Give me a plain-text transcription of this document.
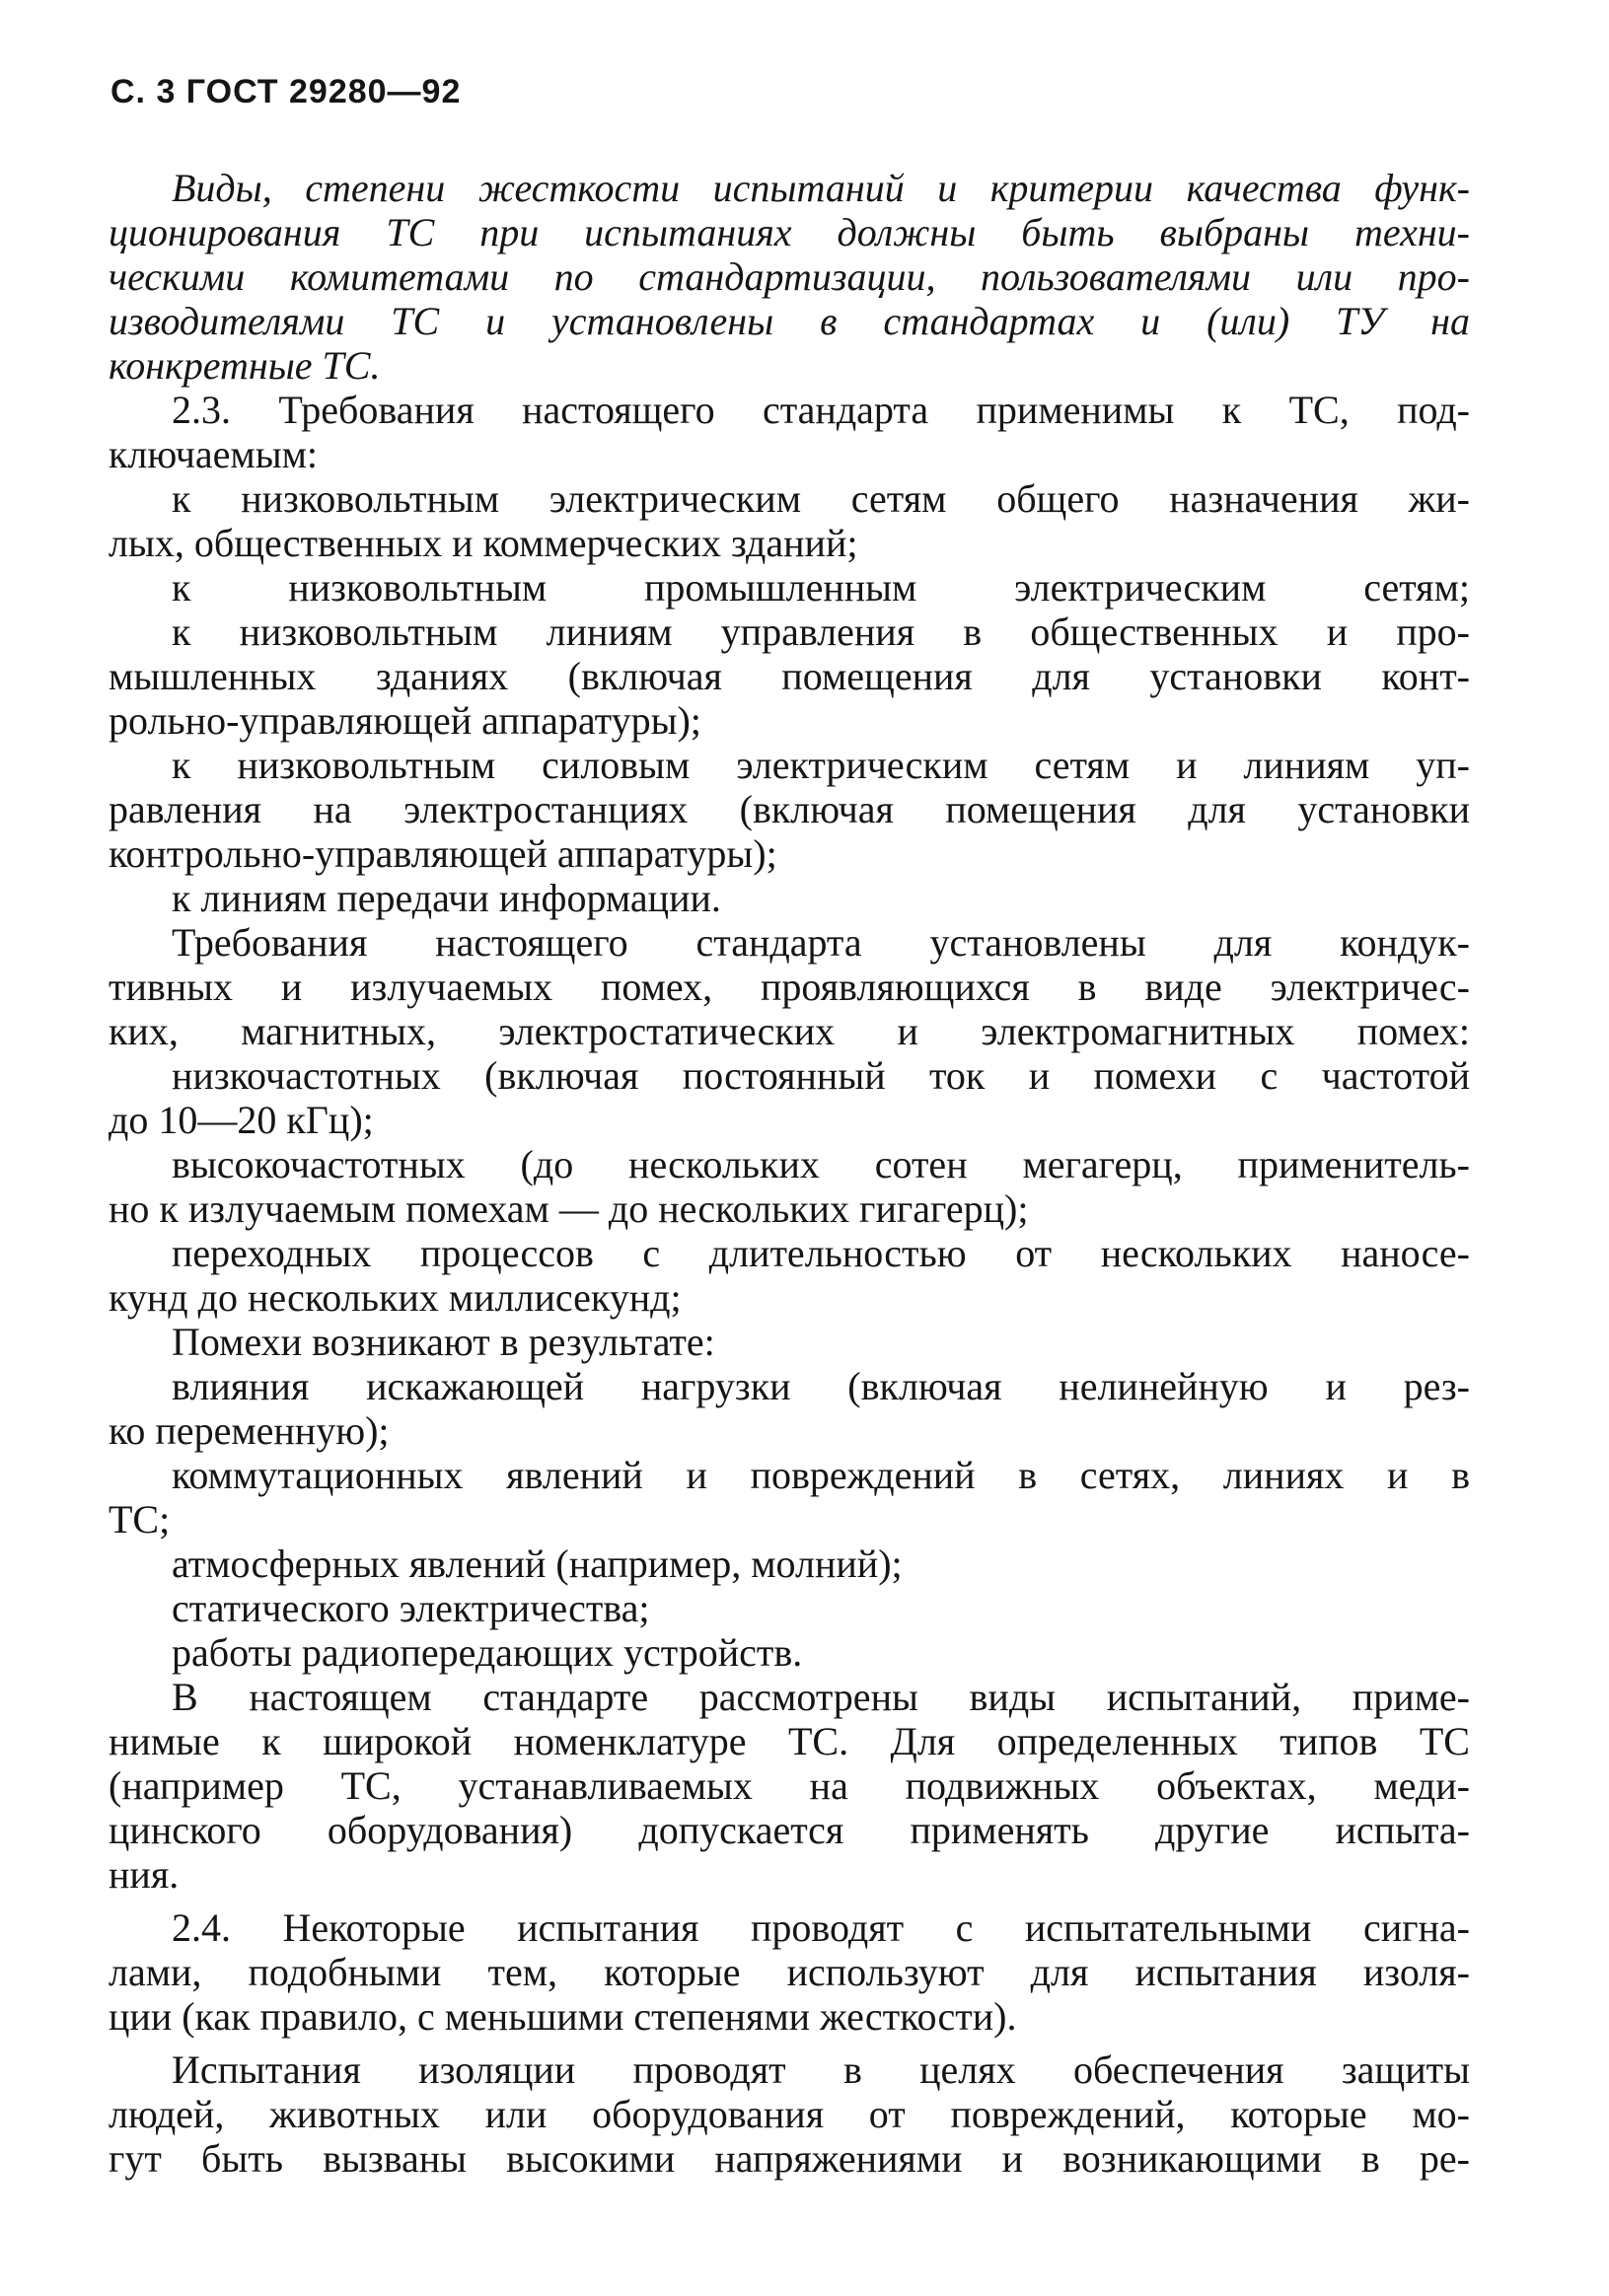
С. 3 ГОСТ 29280—92
Виды, степени жесткости испытаний и критерии качества функ-
ционирования ТС при испытаниях должны быть выбраны техни-
ческими комитетами по стандартизации, пользователями или про-
изводителями ТС и установлены в стандартах и (или) ТУ на
конкретные ТС.
2.3. Требования настоящего стандарта применимы к ТС, под-
ключаемым:
к низковольтным электрическим сетям общего назначения жи-
лых, общественных и коммерческих зданий;
к низковольтным промышленным электрическим сетям;
к низковольтным линиям управления в общественных и про-
мышленных зданиях (включая помещения для установки конт-
рольно-управляющей аппаратуры);
к низковольтным силовым электрическим сетям и линиям уп-
равления на электростанциях (включая помещения для установки
контрольно-управляющей аппаратуры);
к линиям передачи информации.
Требования настоящего стандарта установлены для кондук-
тивных и излучаемых помех, проявляющихся в виде электричес-
ких, магнитных, электростатических и электромагнитных помех:
низкочастотных (включая постоянный ток и помехи с частотой
до 10—20 кГц);
высокочастотных (до нескольких сотен мегагерц, применитель-
но к излучаемым помехам — до нескольких гигагерц);
переходных процессов с длительностью от нескольких наносе-
кунд до нескольких миллисекунд;
Помехи возникают в результате:
влияния искажающей нагрузки (включая нелинейную и рез-
ко переменную);
коммутационных явлений и повреждений в сетях, линиях и в
ТС;
атмосферных явлений (например, молний);
статического электричества;
работы радиопередающих устройств.
В настоящем стандарте рассмотрены виды испытаний, приме-
нимые к широкой номенклатуре ТС. Для определенных типов ТС
(например ТС, устанавливаемых на подвижных объектах, меди-
цинского оборудования) допускается применять другие испыта-
ния.
2.4. Некоторые испытания проводят с испытательными сигна-
лами, подобными тем, которые используют для испытания изоля-
ции (как правило, с меньшими степенями жесткости).
Испытания изоляции проводят в целях обеспечения защиты
людей, животных или оборудования от повреждений, которые мо-
гут быть вызваны высокими напряжениями и возникающими в ре-
